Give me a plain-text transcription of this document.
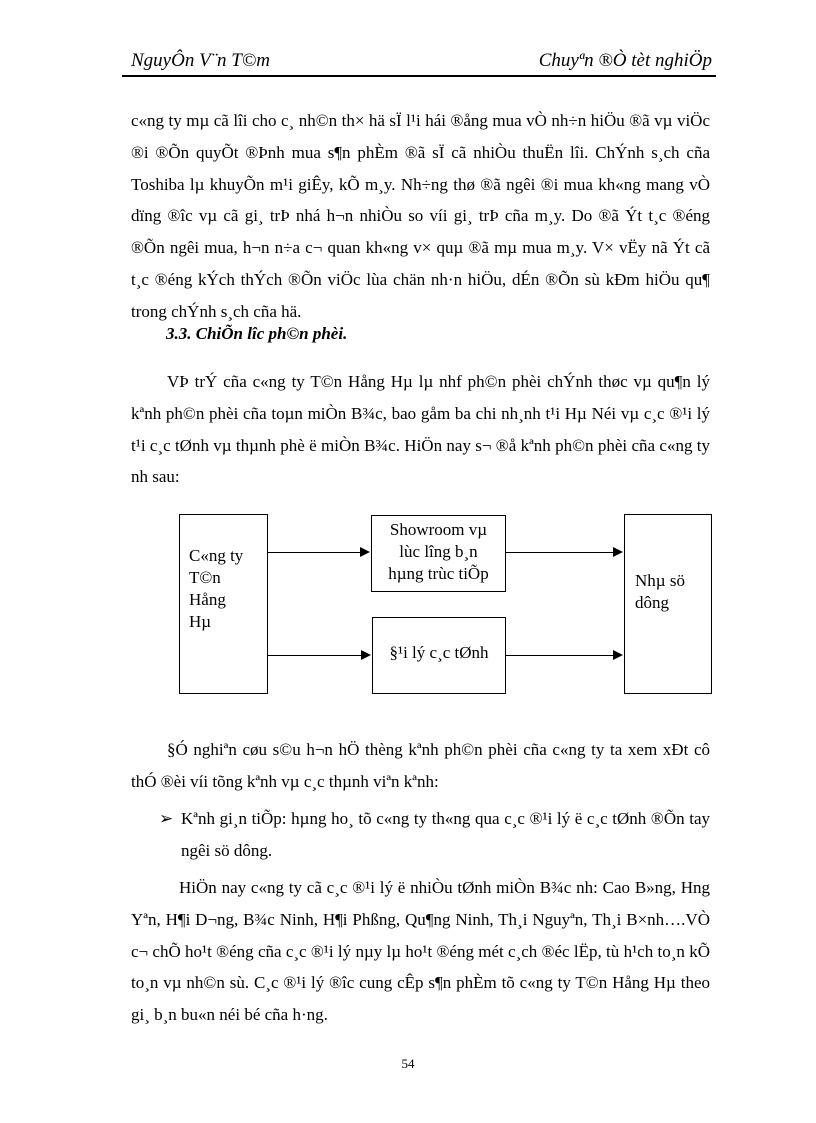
NguyÔn V¨n T©m	Chuyªn ®Ò tèt nghiÖp

c«ng ty mµ cã lîi cho c¸ nh©n th× hä sÏ l¹i hái ®ång mua vÒ nh÷n hiÖu ®ã vµ viÖc ®i ®Õn quyÕt ®Þnh mua s¶n phÈm ®ã sÏ cã nhiÒu thuËn lîi. ChÝnh s¸ch cña Toshiba lµ khuyÕn m¹i giÊy, kÕ m¸y. Nh÷ng thø ®ã ngêi ®i mua kh«ng mang vÒ dïng ®îc vµ cã gi¸ trÞ nhá h¬n nhiÒu so víi gi¸ trÞ cña m¸y. Do ®ã Ýt t¸c ®éng ®Õn ngêi mua, h¬n n÷a c¬ quan kh«ng v× quµ ®ã mµ mua m¸y. V× vËy nã Ýt cã t¸c ®éng kÝch thÝch ®Õn viÖc lùa chän nh·n hiÖu, dÉn ®Õn sù kÐm hiÖu qu¶ trong chÝnh s¸ch cña hä.

3.3. ChiÕn lîc ph©n phèi.

VÞ trÝ cña c«ng ty T©n Hång Hµ lµ nhf ph©n phèi chÝnh thøc vµ qu¶n lý kªnh ph©n phèi cña toµn miÒn B¾c, bao gåm ba chi nh¸nh t¹i Hµ Néi vµ c¸c ®¹i lý t¹i c¸c tØnh vµ thµnh phè ë miÒn B¾c. HiÖn nay s¬ ®å kªnh ph©n phèi cña c«ng ty nh sau:

C«ng ty
T©n
Hång
Hµ
Showroom vµ
lùc lîng b¸n
hµng trùc tiÕp
§¹i lý c¸c tØnh
Nhµ sö
dông

§Ó nghiªn cøu s©u h¬n hÖ thèng kªnh ph©n phèi cña c«ng ty ta xem xÐt cô thÓ ®èi víi tõng kªnh vµ c¸c thµnh viªn kªnh:

➢ Kªnh gi¸n tiÕp: hµng ho¸ tõ c«ng ty th«ng qua c¸c ®¹i lý ë c¸c tØnh ®Õn tay ngêi sö dông.

HiÖn nay c«ng ty cã c¸c ®¹i lý ë nhiÒu tØnh miÒn B¾c nh: Cao B»ng, Hng Yªn, H¶i D¬ng, B¾c Ninh, H¶i Phßng, Qu¶ng Ninh, Th¸i Nguyªn, Th¸i B×nh….VÒ c¬ chÕ ho¹t ®éng cña c¸c ®¹i lý nµy lµ ho¹t ®éng mét c¸ch ®éc lËp, tù h¹ch to¸n kÕ to¸n vµ nh©n sù. C¸c ®¹i lý ®îc cung cÊp s¶n phÈm tõ c«ng ty T©n Hång Hµ theo gi¸ b¸n bu«n néi bé cña h·ng.

54
